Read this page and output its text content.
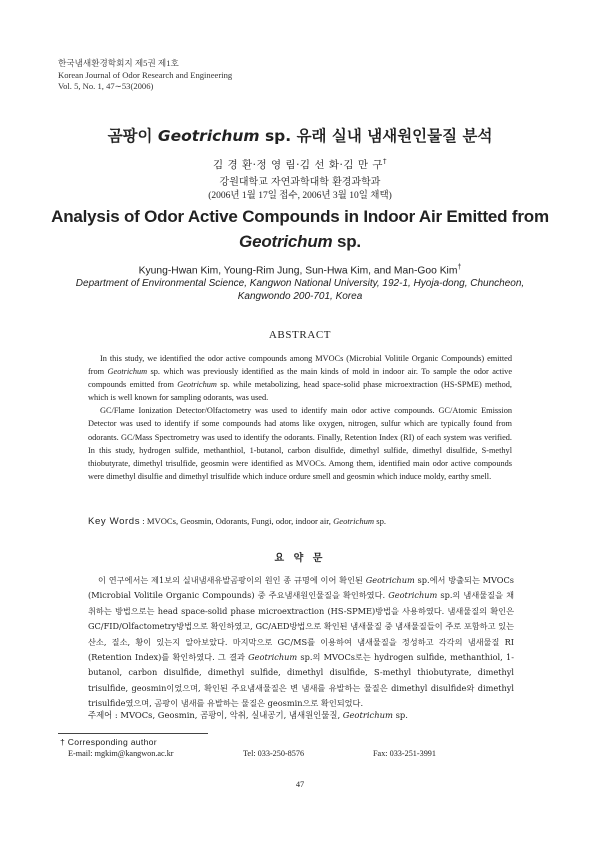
한국냄새환경학회지 제5권 제1호
Korean Journal of Odor Research and Engineering
Vol. 5, No. 1, 47∼53(2006)
곰팡이 Geotrichum sp. 유래 실내 냄새원인물질 분석
김 경 환·정 영 림·김 선 화·김 만 구†
강원대학교 자연과학대학 환경과학과
(2006년 1월 17일 접수, 2006년 3월 10일 채택)
Analysis of Odor Active Compounds in Indoor Air Emitted from
Geotrichum sp.
Kyung-Hwan Kim, Young-Rim Jung, Sun-Hwa Kim, and Man-Goo Kim†
Department of Environmental Science, Kangwon National University, 192-1, Hyoja-dong, Chuncheon,
Kangwondo 200-701, Korea
ABSTRACT

In this study, we identified the odor active compounds among MVOCs (Microbial Volitile Organic Compounds) emitted from Geotrichum sp. which was previously identified as the main kinds of mold in indoor air. To sample the odor active compounds emitted from Geotrichum sp. while metabolizing, head space-solid phase microextraction (HS-SPME) method, which is well known for sampling odorants, was used.

GC/Flame Ionization Detector/Olfactometry was used to identify main odor active compounds. GC/Atomic Emission Detector was used to identify if some compounds had atoms like oxygen, nitrogen, sulfur which are typically found from odorants. GC/Mass Spectrometry was used to identify the odorants. Finally, Retention Index (RI) of each system was verified. In this study, hydrogen sulfide, methanthiol, 1-butanol, carbon disulfide, dimethyl sulfide, dimethyl disulfide, S-methyl thiobutyrate, dimethyl trisulfide, geosmin were identified as MVOCs. Among them, identified main odor active compounds were dimethyl disulfie and dimethyl trisulfide which induce ordure smell and geosmin which induce moldy, earthy smell.

Key Words : MVOCs, Geosmin, Odorants, Fungi, odor, indoor air, Geotrichum sp.
요 약 문

이 연구에서는 제1보의 실내냄새유발곰팡이의 원인 종 규명에 이어 확인된 Geotrichum sp.에서 방출되는 MVOCs (Microbial Volitile Organic Compounds) 중 주요냄새원인물질을 확인하였다. Geotrichum sp.의 냄새물질을 채취하는 방법으로는 head space-solid phase microextraction (HS-SPME)방법을 사용하였다. 냄새물질의 확인은 GC/FID/Olfactometry방법으로 확인하였고, GC/AED방법으로 확인된 냄새물질 중 냄새물질들이 주로 포함하고 있는 산소, 질소, 황이 있는지 알아보았다. 마지막으로 GC/MS를 이용하여 냄새물질을 정성하고 각각의 냄새물질 RI (Retention Index)를 확인하였다. 그 결과 Geotrichum sp.의 MVOCs로는 hydrogen sulfide, methanthiol, 1-butanol, carbon disulfide, dimethyl sulfide, dimethyl disulfide, S-methyl thiobutyrate, dimethyl trisulfide, geosmin이었으며, 확인된 주요냄새물질은 변 냄새를 유발하는 물질은 dimethyl disulfide와 dimethyl trisulfide였으며, 곰팡이 냄새를 유발하는 물질은 geosmin으로 확인되었다.

주제어 : MVOCs, Geosmin, 곰팡이, 악취, 실내공기, 냄새원인물질, Geotrichum sp.
† Corresponding author
E-mail: mgkim@kangwon.ac.kr	Tel: 033-250-8576	Fax: 033-251-3991
47
